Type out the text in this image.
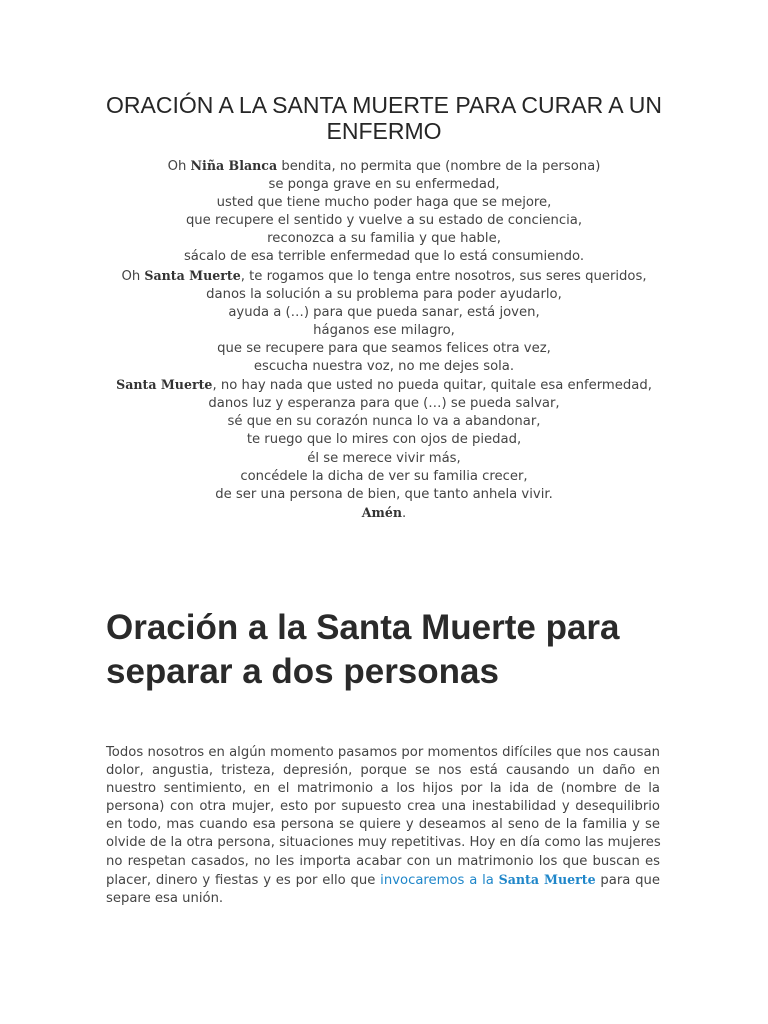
ORACIÓN A LA SANTA MUERTE PARA CURAR A UN ENFERMO
Oh Niña Blanca bendita, no permita que (nombre de la persona)
se ponga grave en su enfermedad,
usted que tiene mucho poder haga que se mejore,
que recupere el sentido y vuelve a su estado de conciencia,
reconozca a su familia y que hable,
sácalo de esa terrible enfermedad que lo está consumiendo.
Oh Santa Muerte, te rogamos que lo tenga entre nosotros, sus seres queridos,
danos la solución a su problema para poder ayudarlo,
ayuda a (…) para que pueda sanar, está joven,
háganos ese milagro,
que se recupere para que seamos felices otra vez,
escucha nuestra voz, no me dejes sola.
Santa Muerte, no hay nada que usted no pueda quitar, quitale esa enfermedad,
danos luz y esperanza para que (…) se pueda salvar,
sé que en su corazón nunca lo va a abandonar,
te ruego que lo mires con ojos de piedad,
él se merece vivir más,
concédele la dicha de ver su familia crecer,
de ser una persona de bien, que tanto anhela vivir.
Amén.
Oración a la Santa Muerte para separar a dos personas
Todos nosotros en algún momento pasamos por momentos difíciles que nos causan
dolor, angustia, tristeza, depresión, porque se nos está causando un daño en
nuestro sentimiento, en el matrimonio a los hijos por la ida de (nombre de la
persona) con otra mujer, esto por supuesto crea una inestabilidad y desequilibrio
en todo, mas cuando esa persona se quiere y deseamos al seno de la familia y se
olvide de la otra persona, situaciones muy repetitivas. Hoy en día como las mujeres
no respetan casados, no les importa acabar con un matrimonio los que buscan es
placer, dinero y fiestas y es por ello que invocaremos a la Santa Muerte para que
separe esa unión.
